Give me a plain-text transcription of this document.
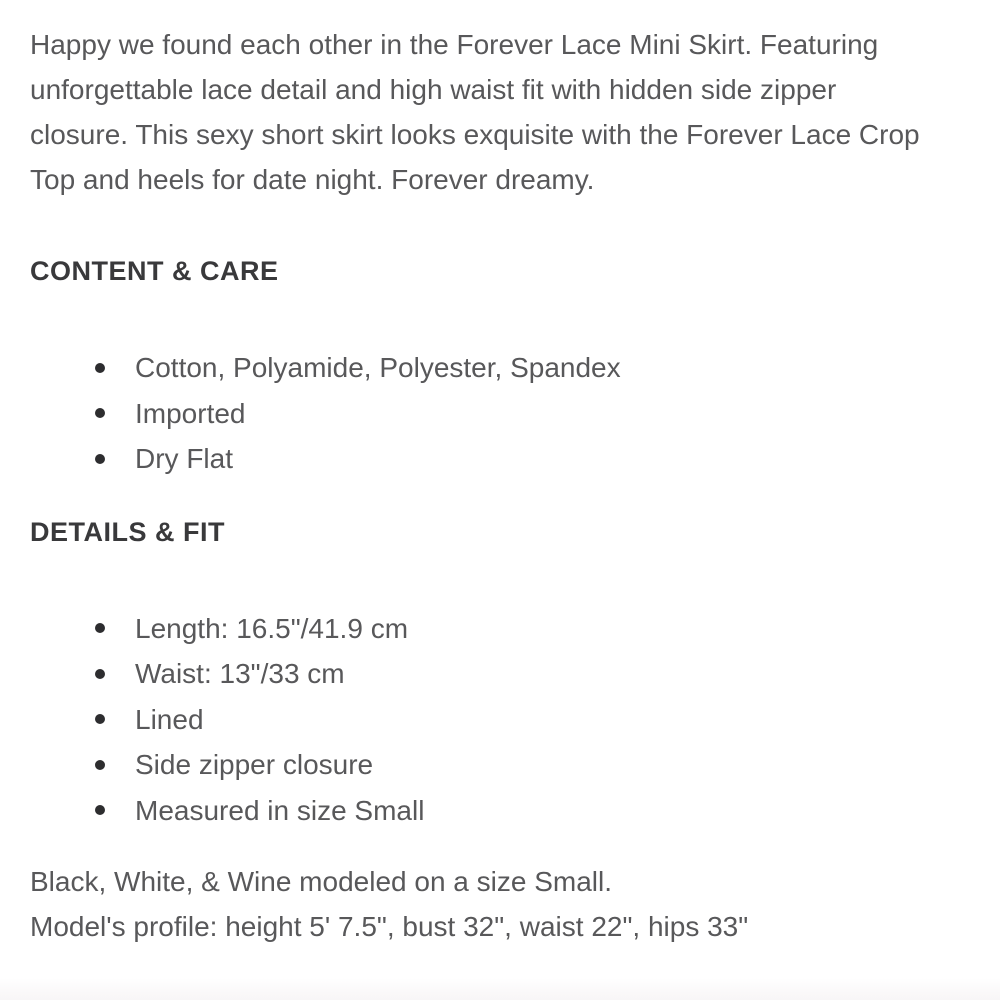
Happy we found each other in the Forever Lace Mini Skirt. Featuring unforgettable lace detail and high waist fit with hidden side zipper closure. This sexy short skirt looks exquisite with the Forever Lace Crop Top and heels for date night. Forever dreamy.

CONTENT & CARE
Cotton, Polyamide, Polyester, Spandex
Imported
Dry Flat
DETAILS & FIT
Length: 16.5"/41.9 cm
Waist: 13"/33 cm
Lined
Side zipper closure
Measured in size Small

Black, White, & Wine modeled on a size Small.
Model's profile: height 5' 7.5", bust 32", waist 22", hips 33"
